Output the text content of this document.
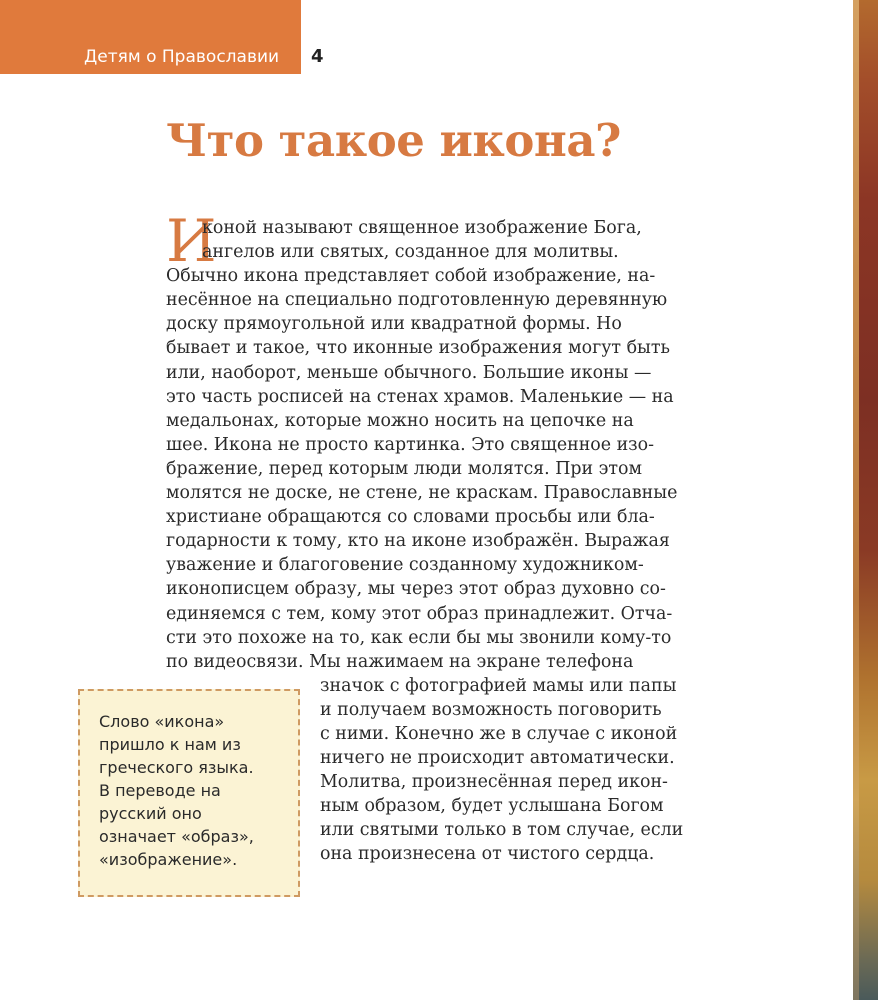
Детям о Православии 4
Что такое икона?
И
коной называют священное изображение Бога,
ангелов или святых, созданное для молитвы.
Обычно икона представляет собой изображение, на-
несённое на специально подготовленную деревянную
доску прямоугольной или квадратной формы. Но
бывает и такое, что иконные изображения могут быть
или, наоборот, меньше обычного. Большие иконы —
это часть росписей на стенах храмов. Маленькие — на
медальонах, которые можно носить на цепочке на
шее. Икона не просто картинка. Это священное изо-
бражение, перед которым люди молятся. При этом
молятся не доске, не стене, не краскам. Православные
христиане обращаются со словами просьбы или бла-
годарности к тому, кто на иконе изображён. Выражая
уважение и благоговение созданному художником-
иконописцем образу, мы через этот образ духовно со-
единяемся с тем, кому этот образ принадлежит. Отча-
сти это похоже на то, как если бы мы звонили кому-то
по видеосвязи. Мы нажимаем на экране телефона
значок с фотографией мамы или папы
и получаем возможность поговорить
с ними. Конечно же в случае с иконой
ничего не происходит автоматически.
Молитва, произнесённая перед икон-
ным образом, будет услышана Богом
или святыми только в том случае, если
она произнесена от чистого сердца.
Слово «икона»
пришло к нам из
греческого языка.
В переводе на
русский оно
означает «образ»,
«изображение».
